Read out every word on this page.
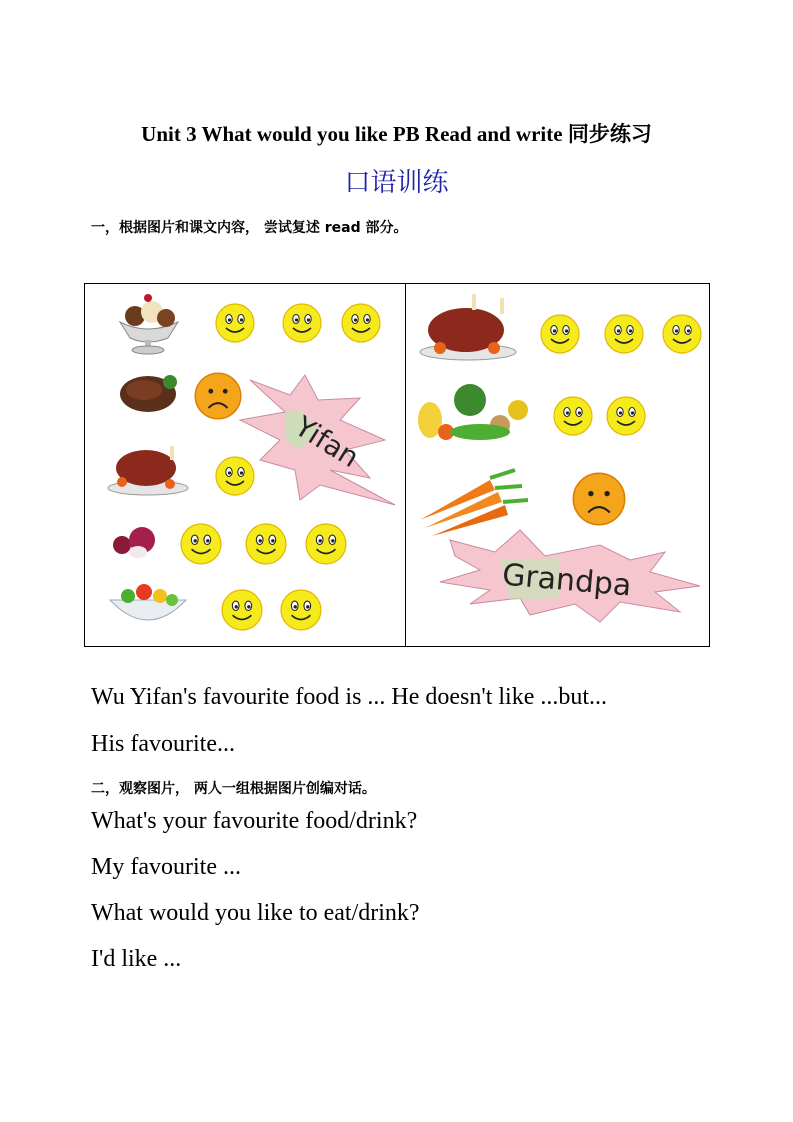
Unit 3 What would you like PB Read and write 同步练习
口语训练
一，根据图片和课文内容， 尝试复述 read 部分。
Yifan
Grandpa
Wu Yifan's favourite food is ... He doesn't like ...but...
His favourite...
二，观察图片， 两人一组根据图片创编对话。
What's your favourite food/drink?
My favourite ...
What would you like to eat/drink?
I'd like ...
